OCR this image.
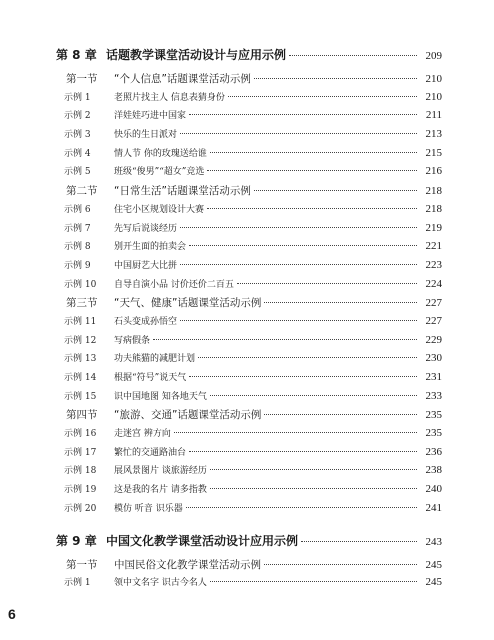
第 8 章 话题教学课堂活动设计与应用示例	209
第一节	“个人信息”话题课堂活动示例	210
示例 1	老照片找主人 信息表猜身份	210
示例 2	洋娃娃巧进中国家	211
示例 3	快乐的生日派对	213
示例 4	情人节 你的玫瑰送给谁	215
示例 5	班级“俊男”“超女”竞选	216
第二节	“日常生活”话题课堂活动示例	218
示例 6	住宅小区规划设计大赛	218
示例 7	先写后说谈经历	219
示例 8	别开生面的拍卖会	221
示例 9	中国厨艺大比拼	223
示例 10	自导自演小品 讨价还价二百五	224
第三节	“天气、健康”话题课堂活动示例	227
示例 11	石头变成孙悟空	227
示例 12	写病假条	229
示例 13	功夫熊猫的减肥计划	230
示例 14	根据“符号”说天气	231
示例 15	识中国地图 知各地天气	233
第四节	“旅游、交通”话题课堂活动示例	235
示例 16	走迷宫 辨方向	235
示例 17	繁忙的交通路油台	236
示例 18	展风景图片 谈旅游经历	238
示例 19	这是我的名片 请多指教	240
示例 20	模仿 听音 识乐器	241
第 9 章 中国文化教学课堂活动设计应用示例	243
第一节	中国民俗文化教学课堂活动示例	245
示例 1	领中文名字 识古今名人	245
6
